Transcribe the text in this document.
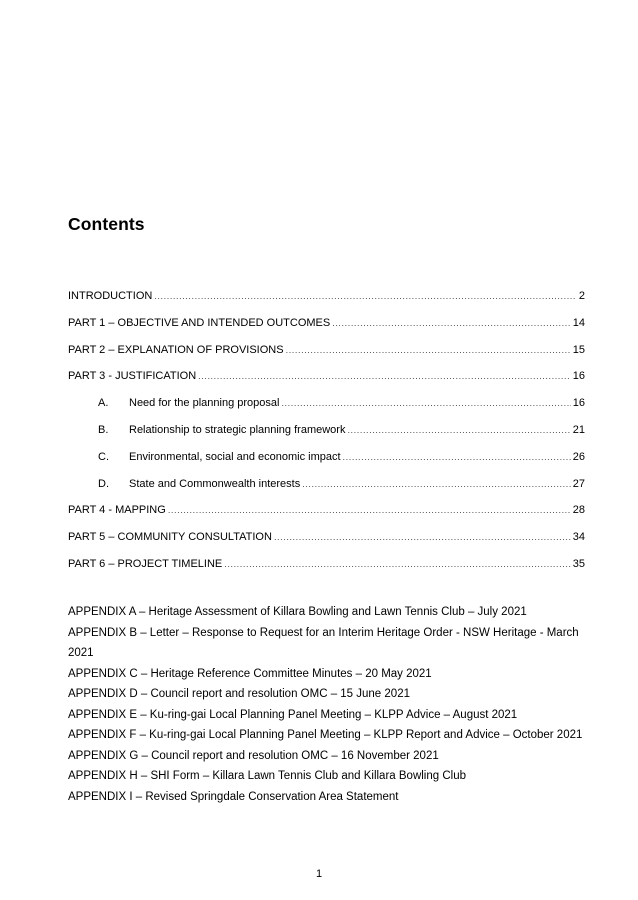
Contents
INTRODUCTION .....	2
PART 1 – OBJECTIVE AND INTENDED OUTCOMES .....	14
PART 2 – EXPLANATION OF PROVISIONS .....	15
PART 3 - JUSTIFICATION .....	16
A.	Need for the planning proposal .....	16
B.	Relationship to strategic planning framework .....	21
C.	Environmental, social and economic impact .....	26
D.	State and Commonwealth interests .....	27
PART 4 - MAPPING .....	28
PART 5 – COMMUNITY CONSULTATION .....	34
PART 6 – PROJECT TIMELINE .....	35
APPENDIX A – Heritage Assessment of Killara Bowling and Lawn Tennis Club – July 2021
APPENDIX B – Letter – Response to Request for an Interim Heritage Order - NSW Heritage - March 2021
APPENDIX C – Heritage Reference Committee Minutes – 20 May 2021
APPENDIX D – Council report and resolution OMC – 15 June 2021
APPENDIX E – Ku-ring-gai Local Planning Panel Meeting – KLPP Advice – August 2021
APPENDIX F – Ku-ring-gai Local Planning Panel Meeting – KLPP Report and Advice – October 2021
APPENDIX G – Council report and resolution OMC – 16 November 2021
APPENDIX H – SHI Form – Killara Lawn Tennis Club and Killara Bowling Club
APPENDIX I – Revised Springdale Conservation Area Statement
1
